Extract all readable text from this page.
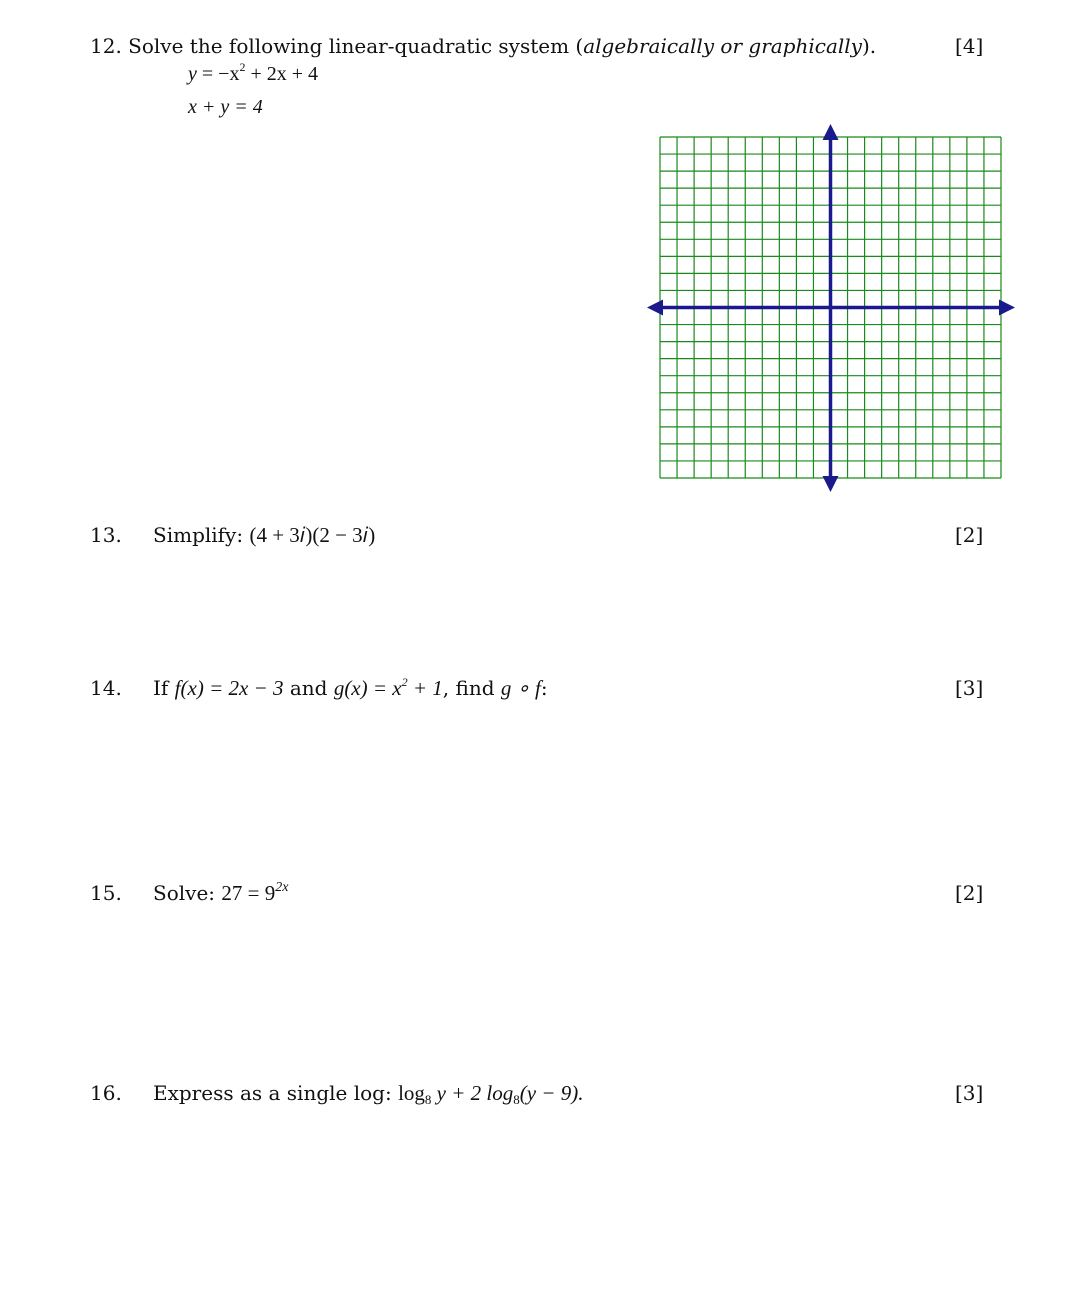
12. Solve the following linear-quadratic system (algebraically or graphically).	[4]
$y = -x^2 + 2x + 4$
x + y = 4
13. Simplify: (4 + 3𝑖)(2 − 3𝑖)	[2]
14. If f(x) = 2x − 3 and $g(x) = x^2 + 1$, find g ∘ f:	[3]
15. Solve: $27 = 9^{2x}$	[2]
16. Express as a single log: $\log_8 y + 2$ $\log_8(y - 9)$.	[3]
